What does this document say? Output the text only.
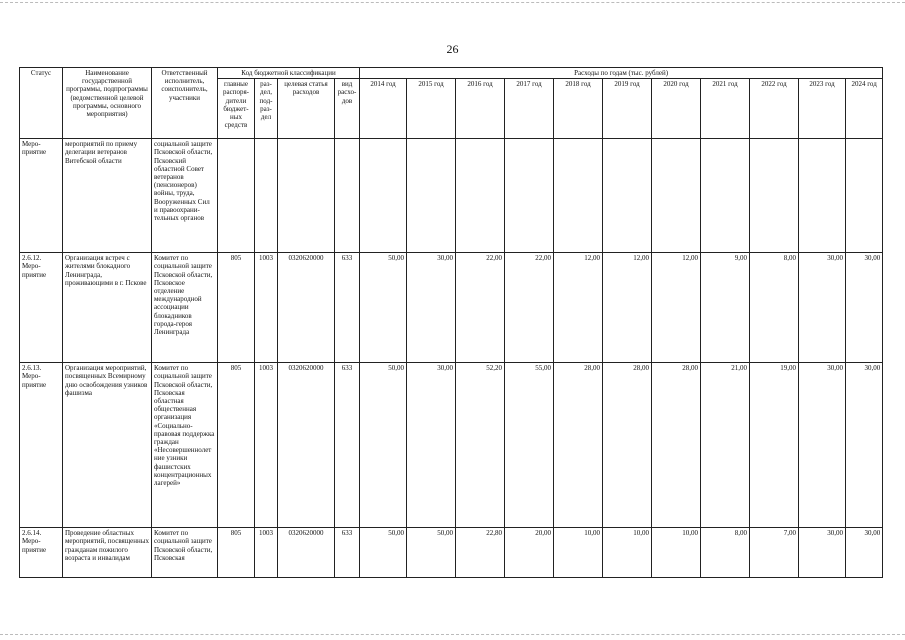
26
Статус	Наименование государственной программы, подпрограммы (ведомственной целевой программы, основного мероприятия)	Ответственный исполнитель, соисполнитель, участники	Код бюджетной классификации				Расходы по годам (тыс. рублей)										
			главные распоря-дители бюджет-ных средств	раз-дел, под-раз-дел	целевая статья расходов	вид расхо-дов	2014 год	2015 год	2016 год	2017 год	2018 год	2019 год	2020 год	2021 год	2022 год	2023 год	2024 год
Меро-приятие	мероприятий по приему делегации ветеранов Витебской области	социальной защите Псковской области, Псковский областной Совет ветеранов (пенсионеров) войны, труда, Вооруженных Сил и правоохрани-тельных органов															
2.6.12. Меро-приятие	Организация встреч с жителями блокадного Ленинграда, проживающими в г. Пскове	Комитет по социальной защите Псковской области, Псковское отделение международной ассоциации блокадников города-героя Ленинграда	805	1003	0320620000	633	50,00	30,00	22,00	22,00	12,00	12,00	12,00	9,00	8,00	30,00	30,00
2.6.13. Меро-приятие	Организация мероприятий, посвященных Всемирному дню освобождения узников фашизма	Комитет по социальной защите Псковской области, Псковская областная общественная организация «Социально-правовая поддержка граждан «Несовершеннолетние узники фашистских концентрационных лагерей»	805	1003	0320620000	633	50,00	30,00	52,20	55,00	28,00	28,00	28,00	21,00	19,00	30,00	30,00
2.6.14. Меро-приятие	Проведение областных мероприятий, посвященных гражданам пожилого возраста и инвалидам	Комитет по социальной защите Псковской области, Псковская	805	1003	0320620000	633	50,00	50,00	22,80	20,00	10,00	10,00	10,00	8,00	7,00	30,00	30,00
